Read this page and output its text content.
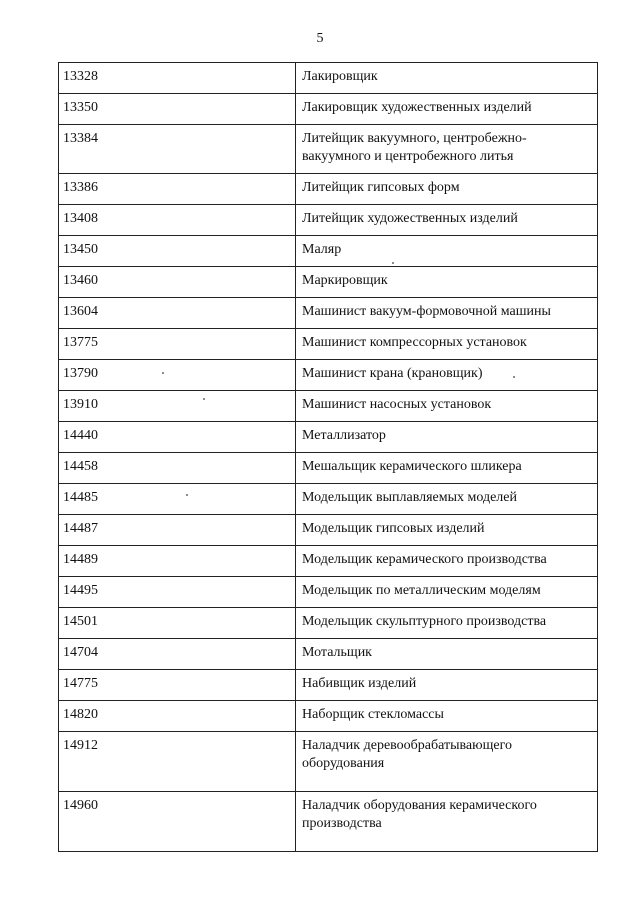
5
13328	Лакировщик
13350	Лакировщик художественных изделий
13384	Литейщик вакуумного, центробежно-вакуумного и центробежного литья
13386	Литейщик гипсовых форм
13408	Литейщик художественных изделий
13450	Маляр
13460	Маркировщик
13604	Машинист вакуум-формовочной машины
13775	Машинист компрессорных установок
13790	Машинист крана (крановщик)
13910	Машинист насосных установок
14440	Металлизатор
14458	Мешальщик керамического шликера
14485	Модельщик выплавляемых моделей
14487	Модельщик гипсовых изделий
14489	Модельщик керамического производства
14495	Модельщик по металлическим моделям
14501	Модельщик скульптурного производства
14704	Мотальщик
14775	Набивщик изделий
14820	Наборщик стекломассы
14912	Наладчик деревообрабатывающего оборудования
14960	Наладчик оборудования керамического производства
